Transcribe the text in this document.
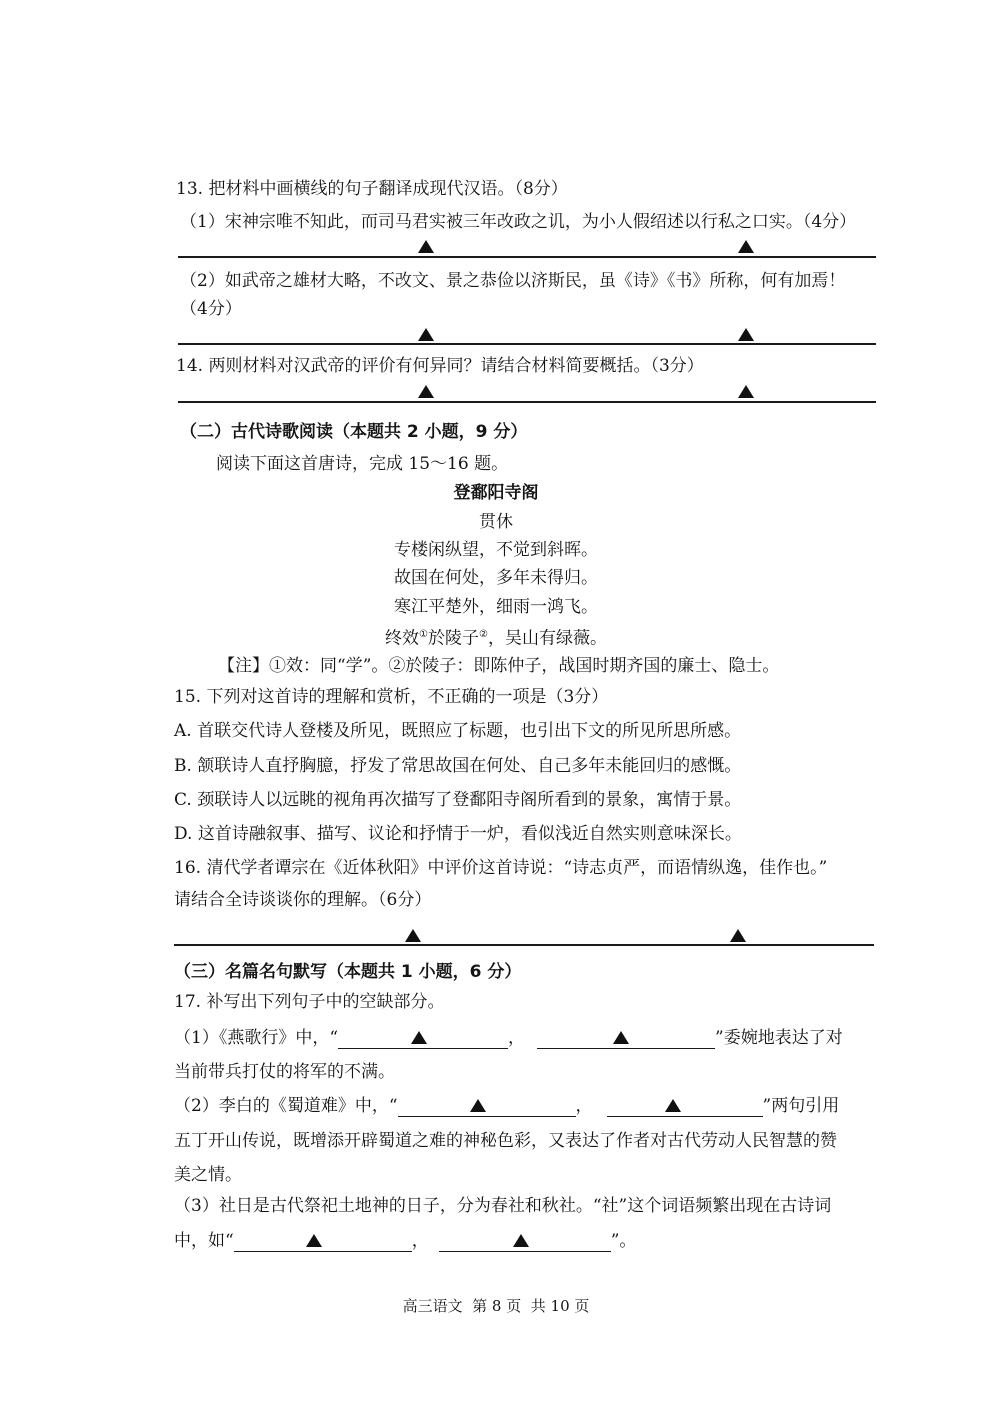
13. 把材料中画横线的句子翻译成现代汉语。（8分）
（1）宋神宗唯不知此，而司马君实被三年改政之讥，为小人假绍述以行私之口实。（4分）
（2）如武帝之雄材大略，不改文、景之恭俭以济斯民，虽《诗》《书》所称，何有加焉！
（4分）
14. 两则材料对汉武帝的评价有何异同？请结合材料简要概括。（3分）
（二）古代诗歌阅读（本题共 2 小题，9 分）
阅读下面这首唐诗，完成 15～16 题。
登鄱阳寺阁
贯休
专楼闲纵望，不觉到斜晖。
故国在何处，多年未得归。
寒江平楚外，细雨一鸿飞。
终效①於陵子②，吴山有绿薇。
【注】①效：同“学”。②於陵子：即陈仲子，战国时期齐国的廉士、隐士。
15. 下列对这首诗的理解和赏析，不正确的一项是（3分）
A. 首联交代诗人登楼及所见，既照应了标题，也引出下文的所见所思所感。
B. 颔联诗人直抒胸臆，抒发了常思故国在何处、自己多年未能回归的感慨。
C. 颈联诗人以远眺的视角再次描写了登鄱阳寺阁所看到的景象，寓情于景。
D. 这首诗融叙事、描写、议论和抒情于一炉，看似浅近自然实则意味深长。
16. 清代学者谭宗在《近体秋阳》中评价这首诗说：“诗志贞严，而语情纵逸，佳作也。”
请结合全诗谈谈你的理解。（6分）
（三）名篇名句默写（本题共 1 小题，6 分）
17. 补写出下列句子中的空缺部分。
（1）《燕歌行》中，“	，	”委婉地表达了对
当前带兵打仗的将军的不满。
（2）李白的《蜀道难》中，“	，	”两句引用
五丁开山传说，既增添开辟蜀道之难的神秘色彩，又表达了作者对古代劳动人民智慧的赞
美之情。
（3）社日是古代祭祀土地神的日子，分为春社和秋社。“社”这个词语频繁出现在古诗词
中，如“	，	”。
高三语文  第 8 页  共 10 页
